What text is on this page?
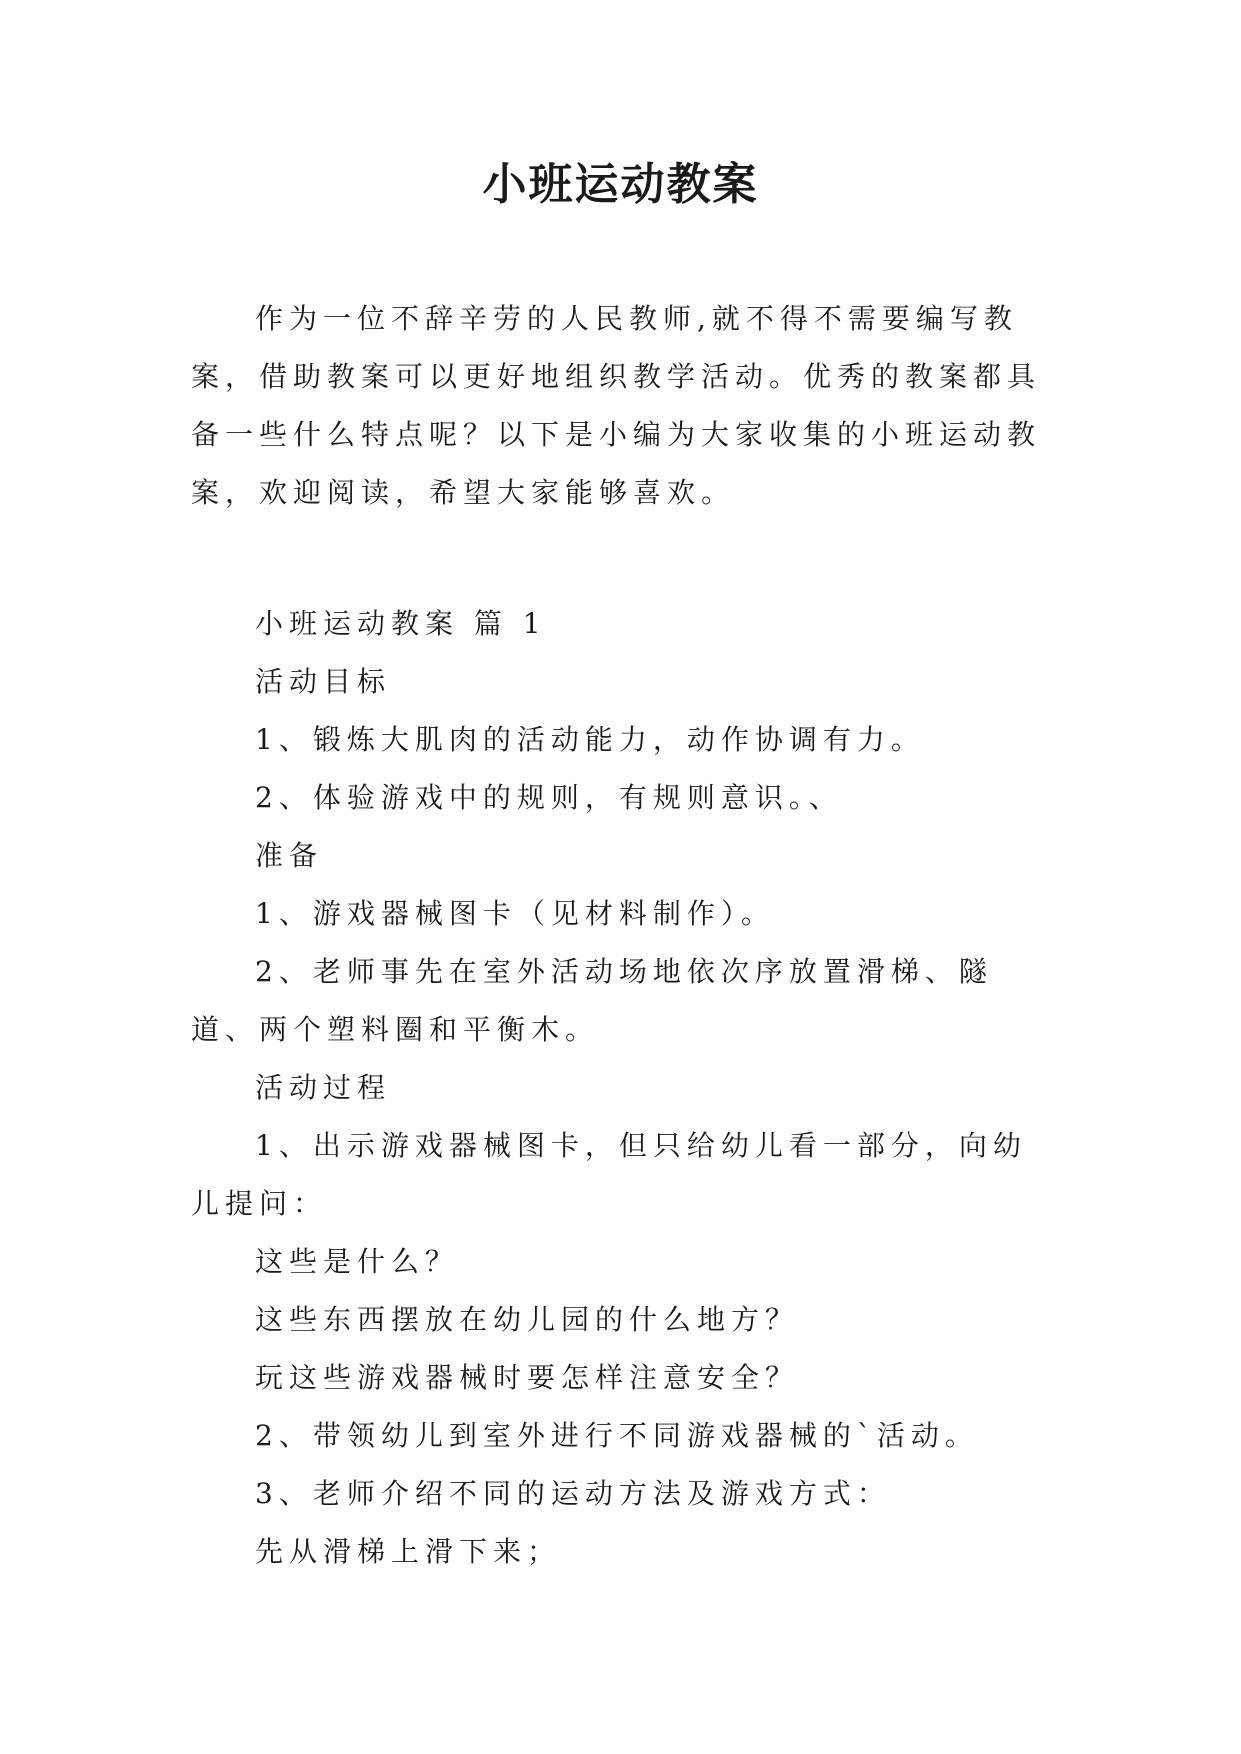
小班运动教案

作为一位不辞辛劳的人民教师,就不得不需要编写教案，借助教案可以更好地组织教学活动。优秀的教案都具备一些什么特点呢？以下是小编为大家收集的小班运动教案，欢迎阅读，希望大家能够喜欢。

小班运动教案 篇 1

活动目标

1、锻炼大肌肉的活动能力，动作协调有力。

2、体验游戏中的规则，有规则意识。、

准备

1、游戏器械图卡（见材料制作）。

2、老师事先在室外活动场地依次序放置滑梯、隧道、两个塑料圈和平衡木。

活动过程

1、出示游戏器械图卡，但只给幼儿看一部分，向幼儿提问：

这些是什么？

这些东西摆放在幼儿园的什么地方？

玩这些游戏器械时要怎样注意安全？

2、带领幼儿到室外进行不同游戏器械的`活动。

3、老师介绍不同的运动方法及游戏方式：

先从滑梯上滑下来；
